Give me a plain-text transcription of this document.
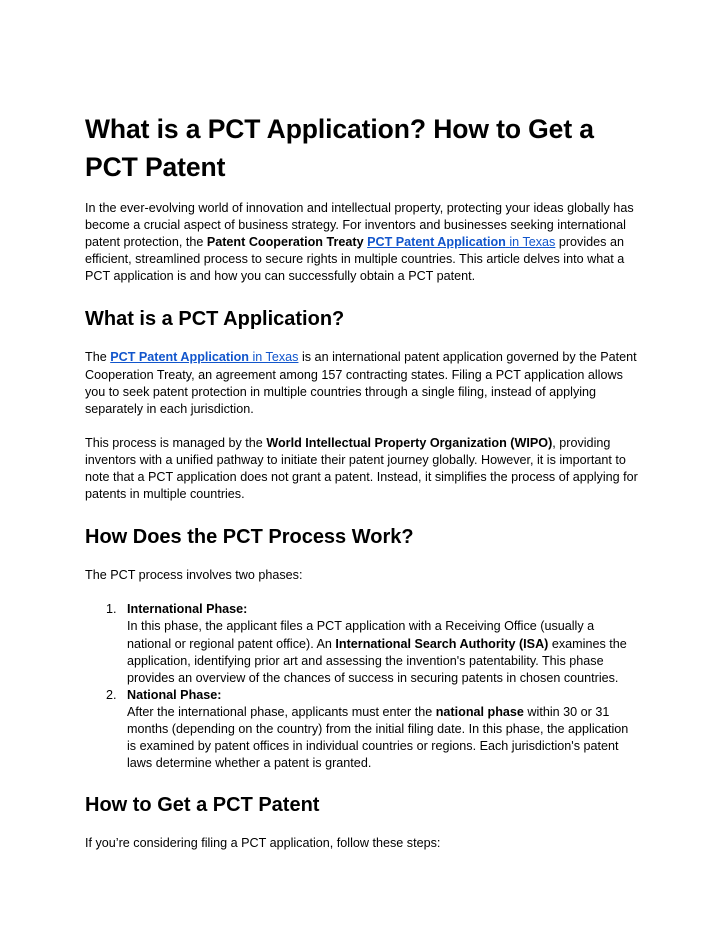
What is a PCT Application? How to Get a PCT Patent

In the ever-evolving world of innovation and intellectual property, protecting your ideas globally has become a crucial aspect of business strategy. For inventors and businesses seeking international patent protection, the Patent Cooperation Treaty PCT Patent Application in Texas provides an efficient, streamlined process to secure rights in multiple countries. This article delves into what a PCT application is and how you can successfully obtain a PCT patent.

What is a PCT Application?

The PCT Patent Application in Texas is an international patent application governed by the Patent Cooperation Treaty, an agreement among 157 contracting states. Filing a PCT application allows you to seek patent protection in multiple countries through a single filing, instead of applying separately in each jurisdiction.

This process is managed by the World Intellectual Property Organization (WIPO), providing inventors with a unified pathway to initiate their patent journey globally. However, it is important to note that a PCT application does not grant a patent. Instead, it simplifies the process of applying for patents in multiple countries.

How Does the PCT Process Work?

The PCT process involves two phases:

1. International Phase:
In this phase, the applicant files a PCT application with a Receiving Office (usually a national or regional patent office). An International Search Authority (ISA) examines the application, identifying prior art and assessing the invention's patentability. This phase provides an overview of the chances of success in securing patents in chosen countries.
2. National Phase:
After the international phase, applicants must enter the national phase within 30 or 31 months (depending on the country) from the initial filing date. In this phase, the application is examined by patent offices in individual countries or regions. Each jurisdiction's patent laws determine whether a patent is granted.
How to Get a PCT Patent

If you’re considering filing a PCT application, follow these steps:
